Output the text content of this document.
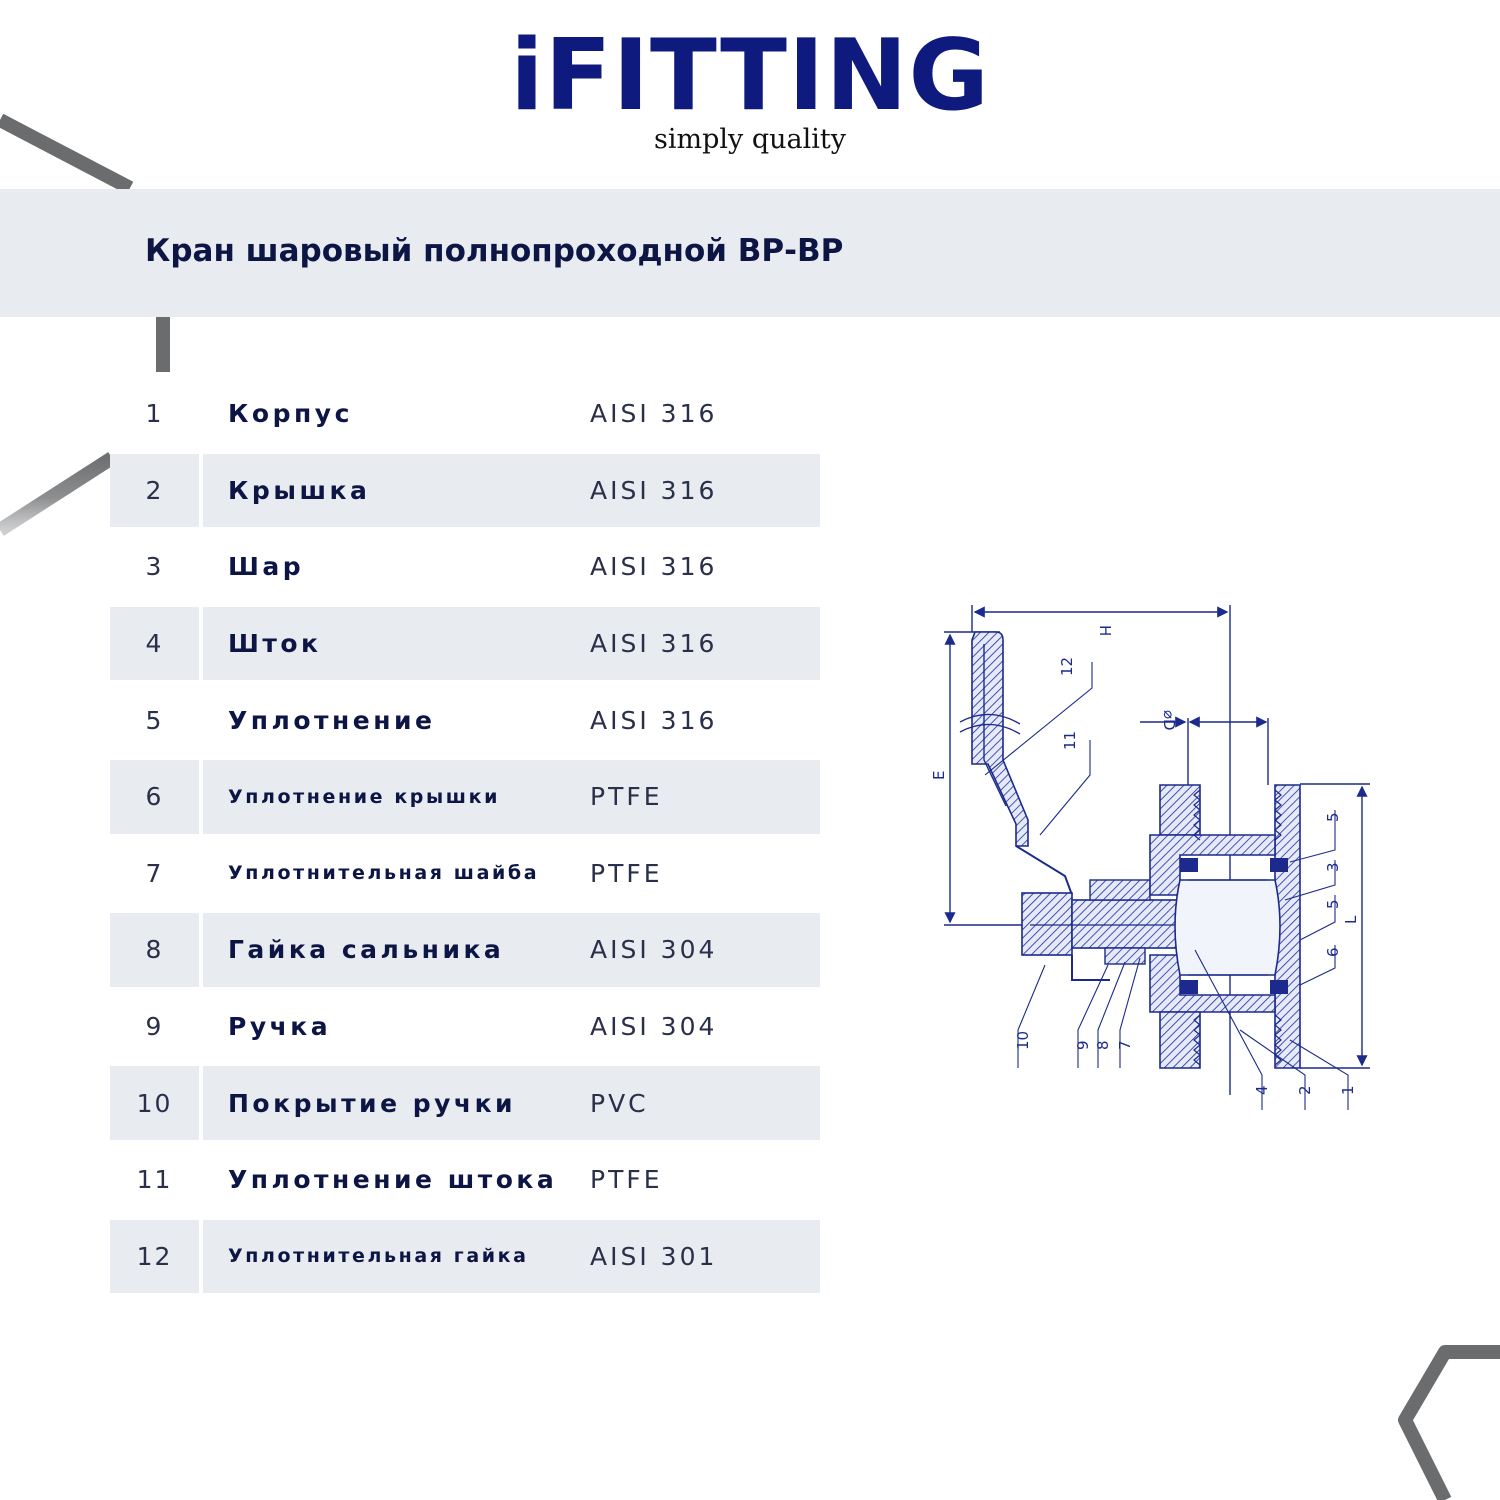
iFITTING
simply quality
Кран шаровый полнопроходной ВР-ВР
1	Корпус	AISI 316
2	Крышка	AISI 316
3	Шар	AISI 316
4	Шток	AISI 316
5	Уплотнение	AISI 316
6	Уплотнение крышки	PTFE
7	Уплотнительная шайба	PTFE
8	Гайка сальника	AISI 304
9	Ручка	AISI 304
10	Покрытие ручки	PVC
11	Уплотнение штока	PTFE
12	Уплотнительная гайка	AISI 301
H
E
L
⌀D
12
11
10	9 8 7
4 2 1
5
3
5
6
